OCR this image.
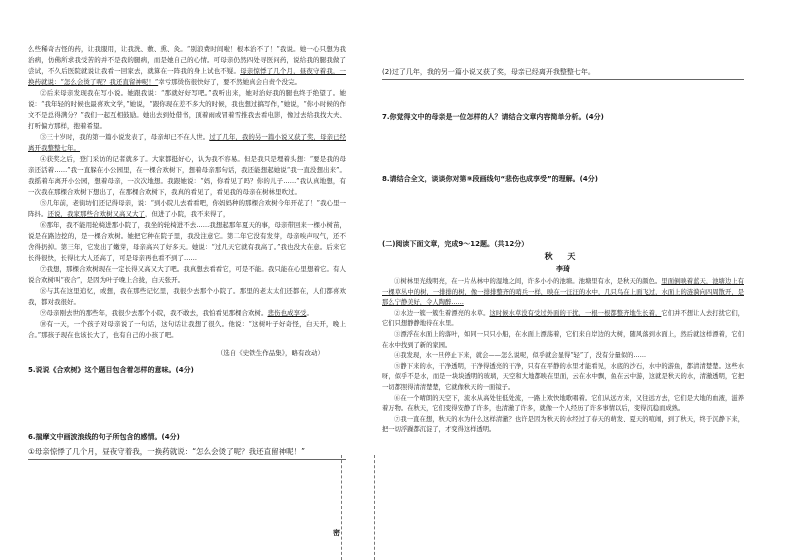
么些稀奇古怪的药，让我服用，让我洗、敷、熏、灸。“别浪费时间啦！根本治不了！”我说。她一心只想为我治病，仿佛所求我受苦的并不是我的腿病，而是她自己的心情。可母亲仍然四处寻医问药，说给我的腿我做了尝试，不久后医院就说让我看一回家去，就算在一阵我的身上试也不疑。母亲惊悸了几个月，昼夜守着我，一换药就说：“怎么会烫了呢？我还直留神呢！”幸亏那烫伤很快好了，要不然她真会自责个没完。

②后来母亲发现我在写小说。她跟我说：“那就好好写吧。”我听出来，她对治好我的腿也终于绝望了。她说：“我年轻的时候也最喜欢文学，”她说，“跟你现在差不多大的时候，我也想过搞写作，”她说，“你小时候的作文不是总得满分？”我们一起互相鼓励。她出去到处借书，顶着雨或冒着雪推我去看电影，像过去给我找大夫、打听偏方那样，抱着希望。

③三十岁时，我的第一篇小说发表了，母亲却已不在人世。过了几年，我的另一篇小说又获了奖，母亲已经离开我整整七年。

④获奖之后，登门采访的记者就多了。大家都挺好心，认为我不容易。但是我只是埋着头想：“要是我的母亲还活着……”我一直躲在小公园里，在一棵合欢树下，想着母亲那句话，我还能想起她说“我一直没想出来”。我摇着车离开小公园，想着母亲，一次次地想。我跟她说：“妈，你看见了吗？你的儿子……”我认真地想，有一次我在那棵合欢树下想出了，在那棵合欢树下，我真的看见了，看见我的母亲在树林里吹过。

⑤几年前，老街坊们还记得母亲，说：“到小院儿去看看吧，你妈妈种的那棵合欢树今年开花了！”我心里一阵抖。还说，我家那些合欢树又高又大了，但进了小院，我不来得了，

⑥那年，我不能用轮椅进那小院了，我坐的轮椅进不去……我想起那年夏天的事，母亲带回来一棵小树苗，说是在路边挖的，是一棵合欢树。她把它种在院子里，我没注意它。第二年它没有发芽，母亲唉声叹气，还不舍得扔掉。第三年，它发出了嫩芽，母亲高兴了好多天。她说：“过几天它就有我高了。”我也没大在意。后来它长得很快，长得比大人还高了，可是母亲再也看不到了……

⑦我想，那棵合欢树现在一定长得又高又大了吧。我真想去看看它，可是不能。我只能在心里想着它。有人说合欢树叫“夜合”，是因为叶子晚上合拢，白天张开。

⑧与其在这里追忆，或想，我在那些记忆里，我很少去那个小院了。那里的老太太们还都在，人们都喜欢我，都对我很好。

⑨母亲刚去世的那些年，我很少去那个小院，我不敢去，我怕看见那棵合欢树。悲伤也成享受。

⑩有一天，一个孩子对母亲说了一句话，这句话让我想了很久。他说：“这树叶子好奇怪，白天开，晚上合。”那孩子现在也该长大了，也有自己的小孩了吧。

（选自《史铁生作品集》，略有改动）

5.说说《合欢树》这个题目包含着怎样的意味。(4分)

6.揣摩文中画波浪线的句子所包含的感情。(4分)

①母亲惊悸了几个月，昼夜守着我，一换药就说：“怎么会烫了呢？我还直留神呢！”

密

(2)过了几年，我的另一篇小说又获了奖，母亲已经离开我整整七年。

7.你觉得文中的母亲是一位怎样的人？请结合文章内容简单分析。(4分)

8.请结合全文，谈谈你对第⑨段画线句“悲伤也成享受”的理解。(4分)

(二)阅读下面文章，完成9～12题。（共12分）

秋 天

李琦

①树林里光线明亮，在一片丛林中的湿地之间，许多小小的池塘。池塘里有水，是秋天的颜色。里面倒映着蓝天，池塘边上有一棵草丛中的树，一排排的树，像一排排整齐的哨兵一样，映在一汪汪的水中，几只鸟在上面飞过，水面上的涟漪向四周散开，是那么宁静美好，令人陶醉……

②水边一簇一簇生着漂亮的水草。这时候水草没有受过外面的干扰，一根一根都整齐地生长着，它们并不想让人去打扰它们，它们只想静静地待在水里。

③漂浮在水面上的落叶，如同一只只小船，在水面上漂荡着，它们来自岸边的大树，随风落到水面上，然后就这样漂着，它们在水中找到了新的家园。

④我发现，水一旦停止下来，就会——怎么说呢，似乎就会显得“轻”了，没有分量似的……

⑤静下来的水，干净透明，干净得透亮的干净，只有在平静的水里才能看见，水底的沙石，水中的游鱼，都清清楚楚。这些水呀，似乎不是水，而是一块块透明的玻璃，天空和大地都映在里面，云在水中飘，鱼在云中游，这就是秋天的水，清澈透明，它把一切都照得清清楚楚，它就像秋天的一面镜子。

⑥在一个晴朗的天空下，流水从高处往低处流，一路上欢快地歌唱着。它们从远方来，又往远方去，它们是大地的血液，滋养着万物。在秋天，它们变得安静了许多，也清澈了许多，就像一个人经历了许多事情以后，变得沉稳而成熟。

⑦我一直在想，秋天的水为什么这样清澈？也许是因为秋天的水经过了春天的萌发、夏天的喧闹，到了秋天，终于沉静下来，把一切浮躁都沉淀了，才变得这样透明。
